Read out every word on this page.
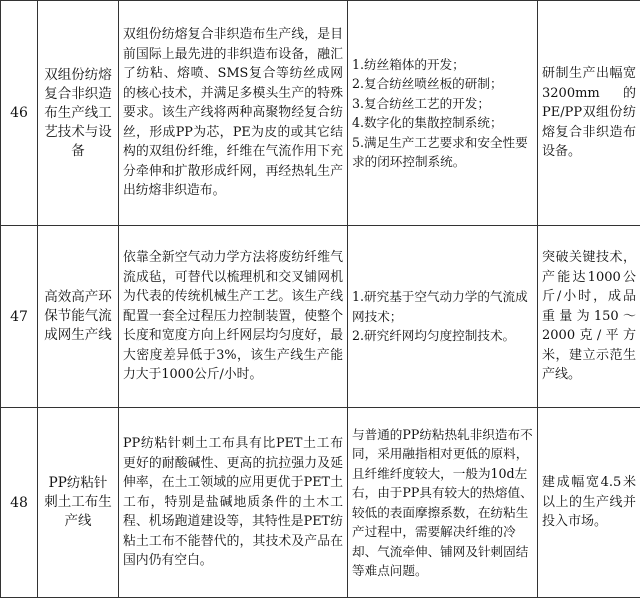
46	双组份纺熔复合非织造布生产线工艺技术与设备	双组份纺熔复合非织造布生产线，是目前国际上最先进的非织造布设备，融汇了纺粘、熔喷、SMS复合等纺丝成网的核心技术，并满足多模头生产的特殊要求。该生产线将两种高聚物经复合纺丝，形成PP为芯，PE为皮的或其它结构的双组份纤维，纤维在气流作用下充分牵伸和扩散形成纤网，再经热轧生产出纺熔非织造布。	1.纺丝箱体的开发；
2.复合纺丝喷丝板的研制；
3.复合纺丝工艺的开发；
4.数字化的集散控制系统；
5.满足生产工艺要求和安全性要求的闭环控制系统。	研制生产出幅宽3200mm的PE/PP双组份纺熔复合非织造布设备。
47	高效高产环保节能气流成网生产线	依靠全新空气动力学方法将废纺纤维气流成毡，可替代以梳理机和交叉铺网机为代表的传统机械生产工艺。该生产线配置一套全过程压力控制装置，使整个长度和宽度方向上纤网层均匀度好，最大密度差异低于3%，该生产线生产能力大于1000公斤/小时。	1.研究基于空气动力学的气流成网技术；
2.研究纤网均匀度控制技术。	突破关键技术，产能达1000公斤/小时，成品重量为150～2000克/平方米，建立示范生产线。
48	PP纺粘针刺土工布生产线	PP纺粘针刺土工布具有比PET土工布更好的耐酸碱性、更高的抗拉强力及延伸率，在土工领域的应用更优于PET土工布，特别是盐碱地质条件的土木工程、机场跑道建设等，其特性是PET纺粘土工布不能替代的，其技术及产品在国内仍有空白。	与普通的PP纺粘热轧非织造布不同，采用融指相对更低的原料，且纤维纤度较大，一般为10d左右，由于PP具有较大的热熔值、较低的表面摩擦系数，在纺粘生产过程中，需要解决纤维的冷却、气流牵伸、铺网及针刺固结等难点问题。	建成幅宽4.5米以上的生产线并投入市场。
